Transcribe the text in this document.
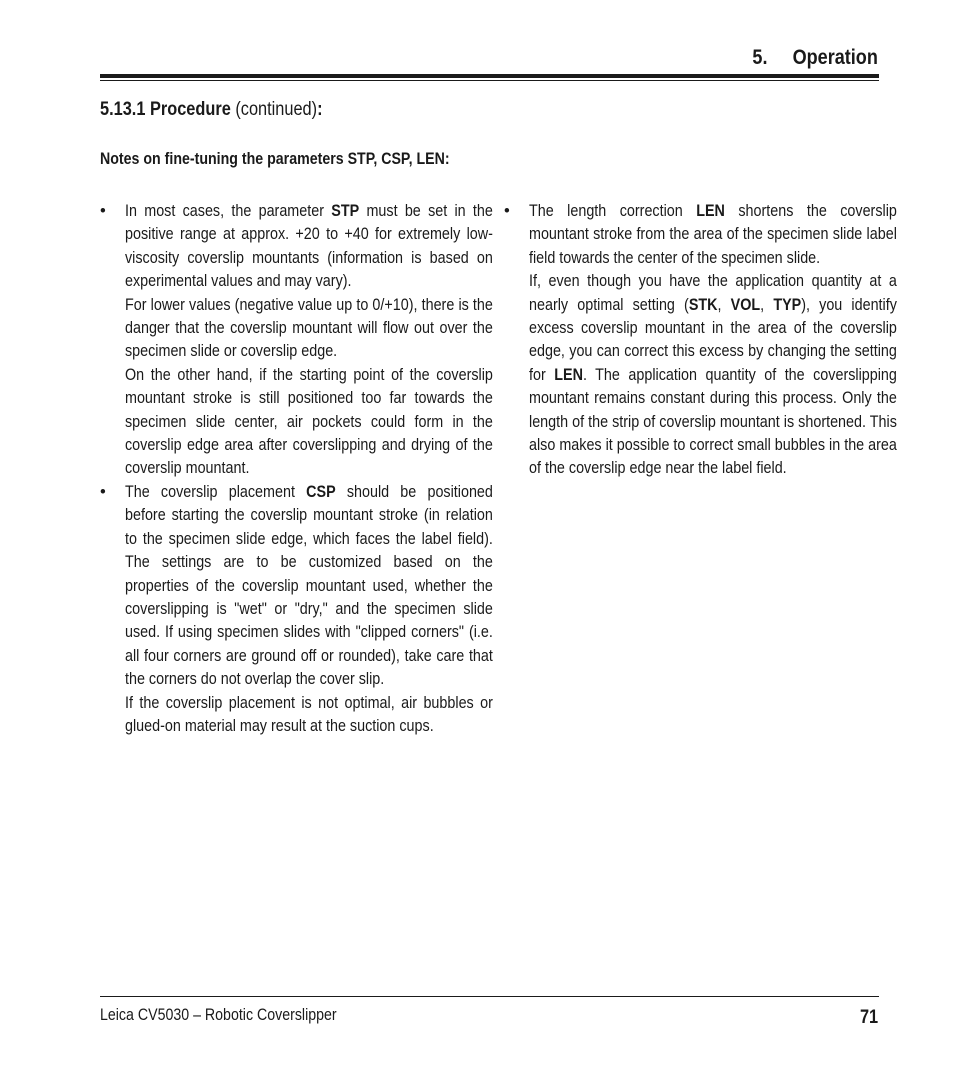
5.     Operation
5.13.1 Procedure (continued):
Notes on fine-tuning the parameters STP, CSP, LEN:
• In most cases, the parameter STP must be set in the positive range at approx. +20 to +40 for extremely low-viscosity coverslip mountants (information is based on experimental values and may vary).

For lower values (negative value up to 0/+10), there is the danger that the coverslip mountant will flow out over the specimen slide or coverslip edge.

On the other hand, if the starting point of the coverslip mountant stroke is still positioned too far towards the specimen slide center, air pockets could form in the coverslip edge area after coverslipping and drying of the coverslip mountant.

• The coverslip placement CSP should be positioned before starting the coverslip mountant stroke (in relation to the specimen slide edge, which faces the label field). The settings are to be customized based on the properties of the coverslip mountant used, whether the coverslipping is "wet" or "dry," and the specimen slide used. If using specimen slides with "clipped corners" (i.e. all four corners are ground off or rounded), take care that the corners do not overlap the cover slip.

If the coverslip placement is not optimal, air bubbles or glued-on material may result at the suction cups.

• The length correction LEN shortens the coverslip mountant stroke from the area of the specimen slide label field towards the center of the specimen slide.

If, even though you have the application quantity at a nearly optimal setting (STK, VOL, TYP), you identify excess coverslip mountant in the area of the coverslip edge, you can correct this excess by changing the setting for LEN. The application quantity of the coverslipping mountant remains constant during this process. Only the length of the strip of coverslip mountant is shortened. This also makes it possible to correct small bubbles in the area of the coverslip edge near the label field.

Leica CV5030 – Robotic Coverslipper	71
